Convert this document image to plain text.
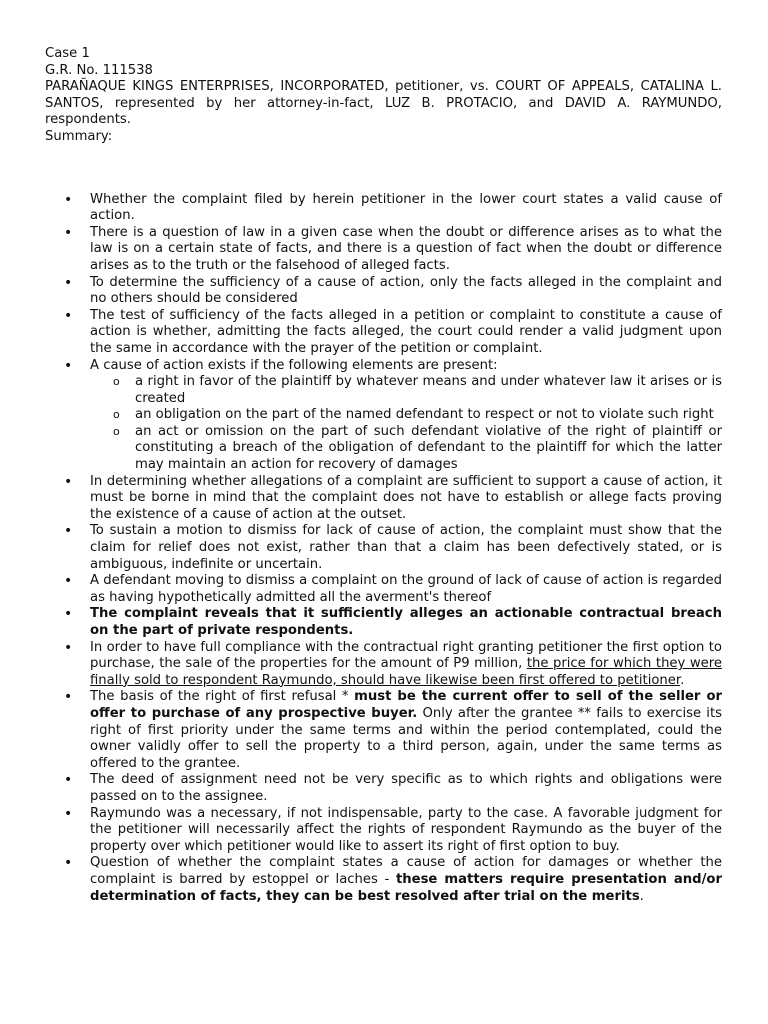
Case 1

G.R. No. 111538

PARAÑAQUE KINGS ENTERPRISES, INCORPORATED, petitioner, vs. COURT OF APPEALS, CATALINA L. SANTOS, represented by her attorney-in-fact, LUZ B. PROTACIO, and DAVID A. RAYMUNDO, respondents.

Summary:

• Whether the complaint filed by herein petitioner in the lower court states a valid cause of action.
• There is a question of law in a given case when the doubt or difference arises as to what the law is on a certain state of facts, and there is a question of fact when the doubt or difference arises as to the truth or the falsehood of alleged facts.
• To determine the sufficiency of a cause of action, only the facts alleged in the complaint and no others should be considered
• The test of sufficiency of the facts alleged in a petition or complaint to constitute a cause of action is whether, admitting the facts alleged, the court could render a valid judgment upon the same in accordance with the prayer of the petition or complaint.
• A cause of action exists if the following elements are present:
o a right in favor of the plaintiff by whatever means and under whatever law it arises or is created
o an obligation on the part of the named defendant to respect or not to violate such right
o an act or omission on the part of such defendant violative of the right of plaintiff or constituting a breach of the obligation of defendant to the plaintiff for which the latter may maintain an action for recovery of damages
• In determining whether allegations of a complaint are sufficient to support a cause of action, it must be borne in mind that the complaint does not have to establish or allege facts proving the existence of a cause of action at the outset.
• To sustain a motion to dismiss for lack of cause of action, the complaint must show that the claim for relief does not exist, rather than that a claim has been defectively stated, or is ambiguous, indefinite or uncertain.
• A defendant moving to dismiss a complaint on the ground of lack of cause of action is regarded as having hypothetically admitted all the averment's thereof
• The complaint reveals that it sufficiently alleges an actionable contractual breach on the part of private respondents.
• In order to have full compliance with the contractual right granting petitioner the first option to purchase, the sale of the properties for the amount of P9 million, the price for which they were finally sold to respondent Raymundo, should have likewise been first offered to petitioner.
• The basis of the right of first refusal * must be the current offer to sell of the seller or offer to purchase of any prospective buyer. Only after the grantee ** fails to exercise its right of first priority under the same terms and within the period contemplated, could the owner validly offer to sell the property to a third person, again, under the same terms as offered to the grantee.
• The deed of assignment need not be very specific as to which rights and obligations were passed on to the assignee.
• Raymundo was a necessary, if not indispensable, party to the case. A favorable judgment for the petitioner will necessarily affect the rights of respondent Raymundo as the buyer of the property over which petitioner would like to assert its right of first option to buy.
• Question of whether the complaint states a cause of action for damages or whether the complaint is barred by estoppel or laches - these matters require presentation and/or determination of facts, they can be best resolved after trial on the merits.
